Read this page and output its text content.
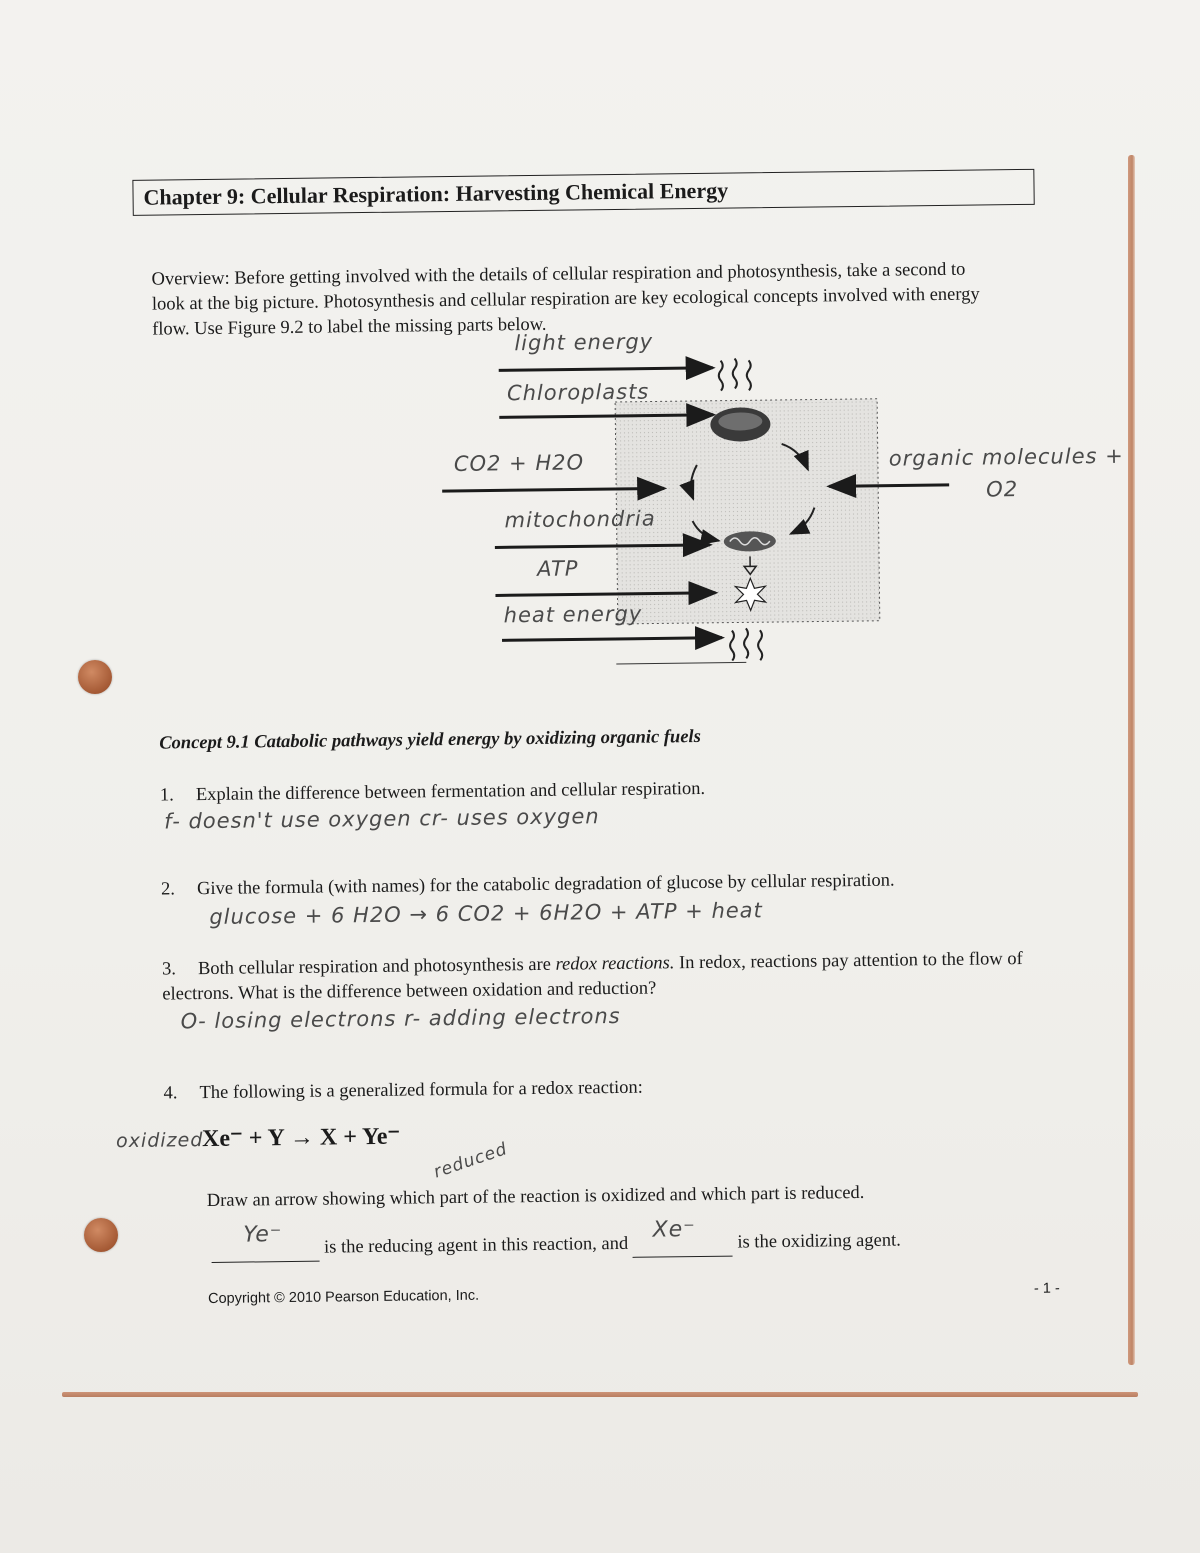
Chapter 9: Cellular Respiration: Harvesting Chemical Energy
Overview: Before getting involved with the details of cellular respiration and photosynthesis, take a second to look at the big picture. Photosynthesis and cellular respiration are key ecological concepts involved with energy flow. Use Figure 9.2 to label the missing parts below.
light energy
Chloroplasts
CO2 + H2O
mitochondria
ATP
heat energy
organic molecules +
O2
Concept 9.1 Catabolic pathways yield energy by oxidizing organic fuels
1. Explain the difference between fermentation and cellular respiration.
f- doesn't use oxygen cr- uses oxygen
2. Give the formula (with names) for the catabolic degradation of glucose by cellular respiration.
glucose + 6 H2O → 6 CO2 + 6H2O + ATP + heat
3. Both cellular respiration and photosynthesis are redox reactions. In redox, reactions pay attention to the flow of electrons. What is the difference between oxidation and reduction?
O- losing electrons r- adding electrons
4. The following is a generalized formula for a redox reaction:
oxidized
Xe⁻ + Y → X + Ye⁻
reduced
Draw an arrow showing which part of the reaction is oxidized and which part is reduced.
Ye⁻ is the reducing agent in this reaction, and
Xe⁻ is the oxidizing agent.
Copyright © 2010 Pearson Education, Inc.	- 1 -
